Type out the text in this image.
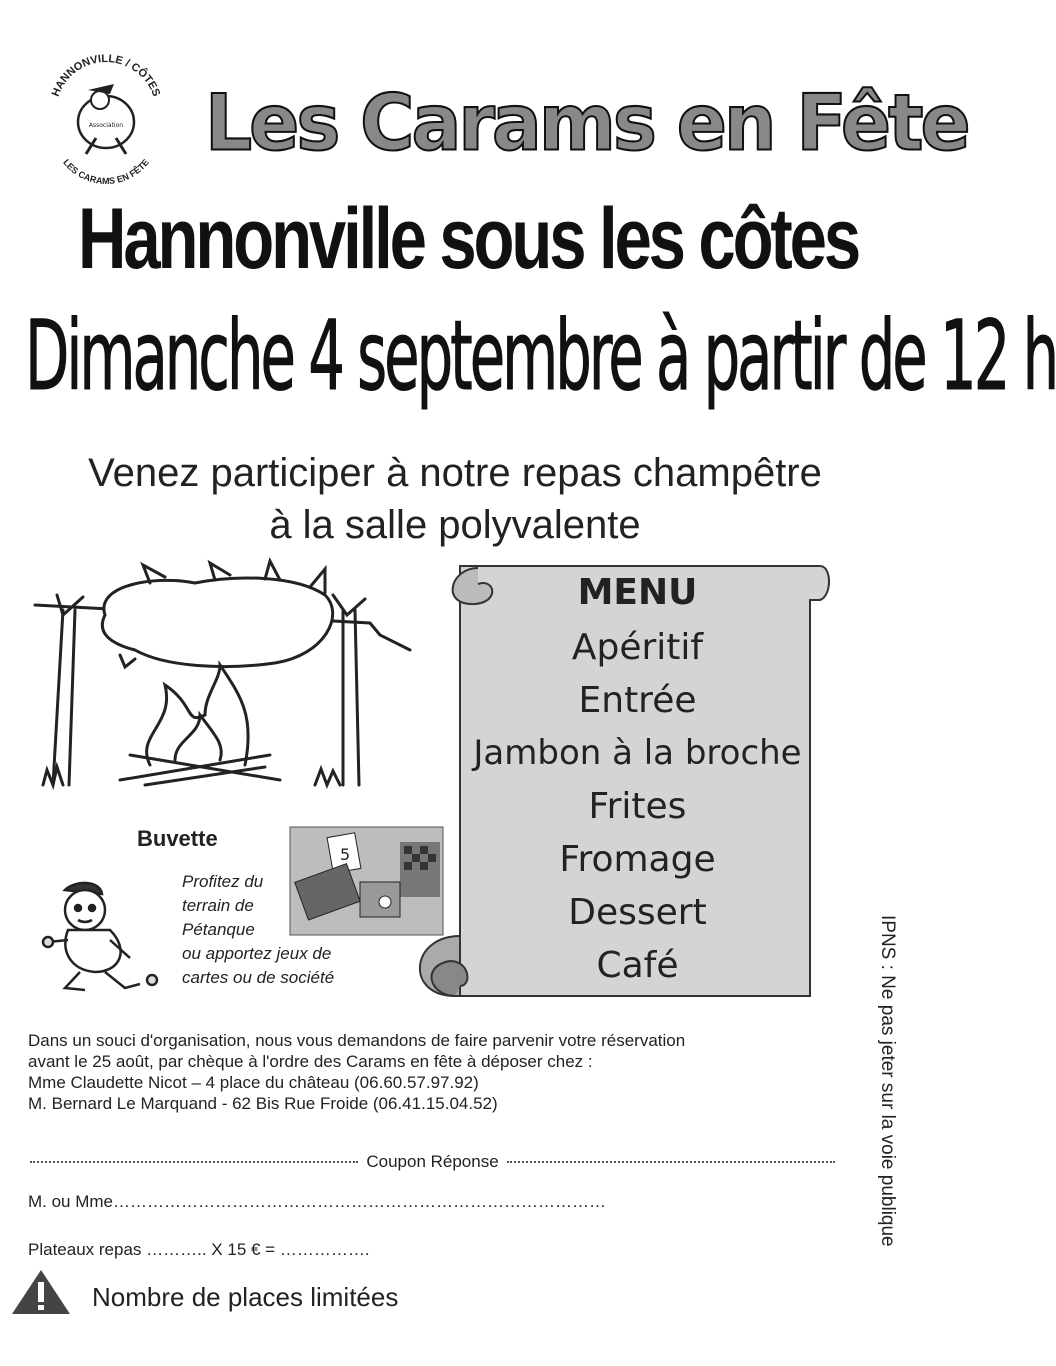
HANNONVILLE / CÔTES
LES CARAMS EN FÊTE
Association Les Carams en Fête
Hannonville sous les côtes
Dimanche 4 septembre à partir de 12 h
Venez participer à notre repas champêtre
à la salle polyvalente
MENU
Apéritif
Entrée
Jambon à la broche
Frites
Fromage
Dessert
Café
Buvette
Profitez du
terrain de
Pétanque
ou apportez jeux de
cartes ou de société
5
Dans un souci d'organisation, nous vous demandons de faire parvenir votre réservation
avant le 25 août, par chèque à l'ordre des Carams en fête à déposer chez :
Mme Claudette Nicot – 4 place du château (06.60.57.97.92)
M. Bernard Le Marquand - 62 Bis Rue Froide (06.41.15.04.52)
Coupon Réponse
M. ou Mme……………………………………………………………………………
Plateaux repas ……….. X 15 € = …………….
Nombre de places limitées
IPNS : Ne pas jeter sur la voie publique
